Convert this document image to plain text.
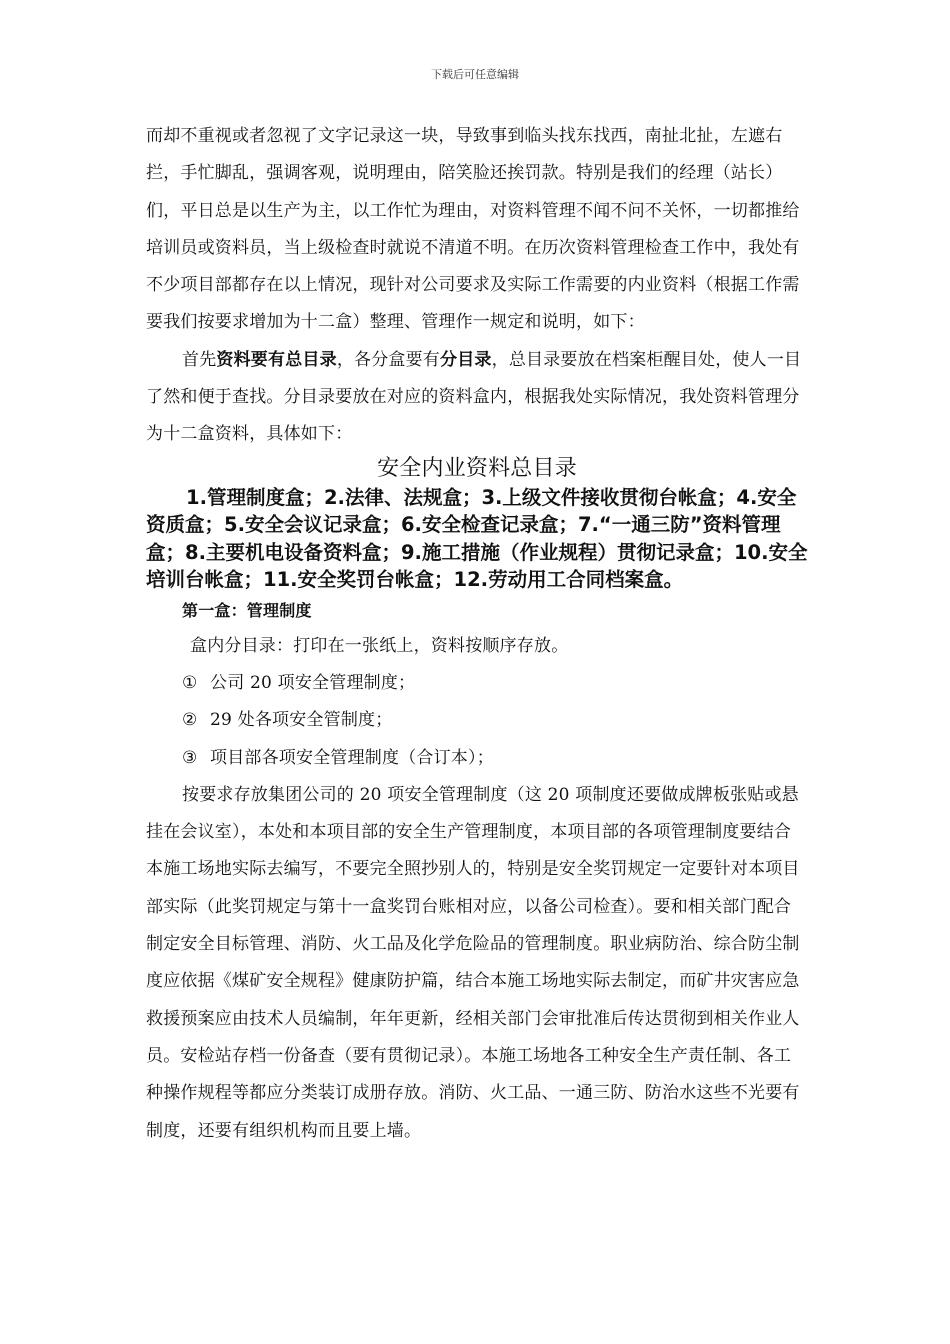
下载后可任意编辑

而却不重视或者忽视了文字记录这一块，导致事到临头找东找西，南扯北扯，左遮右拦，手忙脚乱，强调客观，说明理由，陪笑脸还挨罚款。特别是我们的经理（站长）们，平日总是以生产为主，以工作忙为理由，对资料管理不闻不问不关怀，一切都推给培训员或资料员，当上级检查时就说不清道不明。在历次资料管理检查工作中，我处有不少项目部都存在以上情况，现针对公司要求及实际工作需要的内业资料（根据工作需要我们按要求增加为十二盒）整理、管理作一规定和说明，如下：

首先资料要有总目录，各分盒要有分目录，总目录要放在档案柜醒目处，使人一目了然和便于查找。分目录要放在对应的资料盒内，根据我处实际情况，我处资料管理分为十二盒资料，具体如下：

安全内业资料总目录

1.管理制度盒；2.法律、法规盒；3.上级文件接收贯彻台帐盒；4.安全资质盒；5.安全会议记录盒；6.安全检查记录盒；7.“一通三防”资料管理盒；8.主要机电设备资料盒；9.施工措施（作业规程）贯彻记录盒；10.安全培训台帐盒；11.安全奖罚台帐盒；12.劳动用工合同档案盒。

第一盒：管理制度

盒内分目录：打印在一张纸上，资料按顺序存放。

① 公司 20 项安全管理制度；

② 29 处各项安全管制度；

③ 项目部各项安全管理制度（合订本）；

按要求存放集团公司的 20 项安全管理制度（这 20 项制度还要做成牌板张贴或悬挂在会议室），本处和本项目部的安全生产管理制度，本项目部的各项管理制度要结合本施工场地实际去编写，不要完全照抄别人的，特别是安全奖罚规定一定要针对本项目部实际（此奖罚规定与第十一盒奖罚台账相对应，以备公司检查）。要和相关部门配合制定安全目标管理、消防、火工品及化学危险品的管理制度。职业病防治、综合防尘制度应依据《煤矿安全规程》健康防护篇，结合本施工场地实际去制定，而矿井灾害应急救援预案应由技术人员编制，年年更新，经相关部门会审批准后传达贯彻到相关作业人员。安检站存档一份备查（要有贯彻记录）。本施工场地各工种安全生产责任制、各工种操作规程等都应分类装订成册存放。消防、火工品、一通三防、防治水这些不光要有制度，还要有组织机构而且要上墙。
